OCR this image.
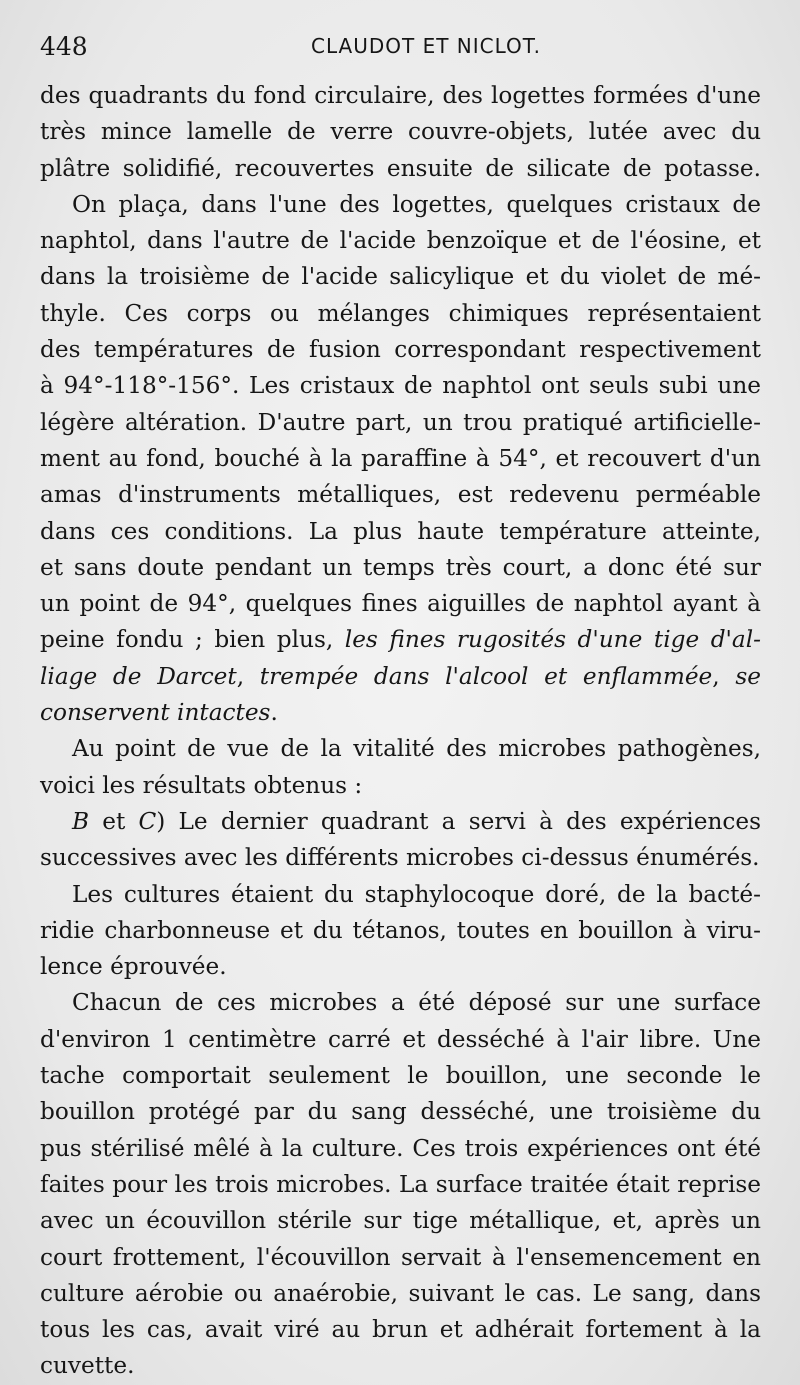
448	CLAUDOT ET NICLOT.
des quadrants du fond circulaire, des logettes formées d'une
très mince lamelle de verre couvre-objets, lutée avec du
plâtre solidifié, recouvertes ensuite de silicate de potasse.
On plaça, dans l'une des logettes, quelques cristaux de
naphtol, dans l'autre de l'acide benzoïque et de l'éosine, et
dans la troisième de l'acide salicylique et du violet de mé-
thyle. Ces corps ou mélanges chimiques représentaient
des températures de fusion correspondant respectivement
à 94°-118°-156°. Les cristaux de naphtol ont seuls subi une
légère altération. D'autre part, un trou pratiqué artificielle-
ment au fond, bouché à la paraffine à 54°, et recouvert d'un
amas d'instruments métalliques, est redevenu perméable
dans ces conditions. La plus haute température atteinte,
et sans doute pendant un temps très court, a donc été sur
un point de 94°, quelques fines aiguilles de naphtol ayant à
peine fondu ; bien plus, les fines rugosités d'une tige d'al-
liage de Darcet, trempée dans l'alcool et enflammée, se
conservent intactes.
Au point de vue de la vitalité des microbes pathogènes,
voici les résultats obtenus :
B et C) Le dernier quadrant a servi à des expériences
successives avec les différents microbes ci-dessus énumérés.
Les cultures étaient du staphylocoque doré, de la bacté-
ridie charbonneuse et du tétanos, toutes en bouillon à viru-
lence éprouvée.
Chacun de ces microbes a été déposé sur une surface
d'environ 1 centimètre carré et desséché à l'air libre. Une
tache comportait seulement le bouillon, une seconde le
bouillon protégé par du sang desséché, une troisième du
pus stérilisé mêlé à la culture. Ces trois expériences ont été
faites pour les trois microbes. La surface traitée était reprise
avec un écouvillon stérile sur tige métallique, et, après un
court frottement, l'écouvillon servait à l'ensemencement en
culture aérobie ou anaérobie, suivant le cas. Le sang, dans
tous les cas, avait viré au brun et adhérait fortement à la
cuvette.
